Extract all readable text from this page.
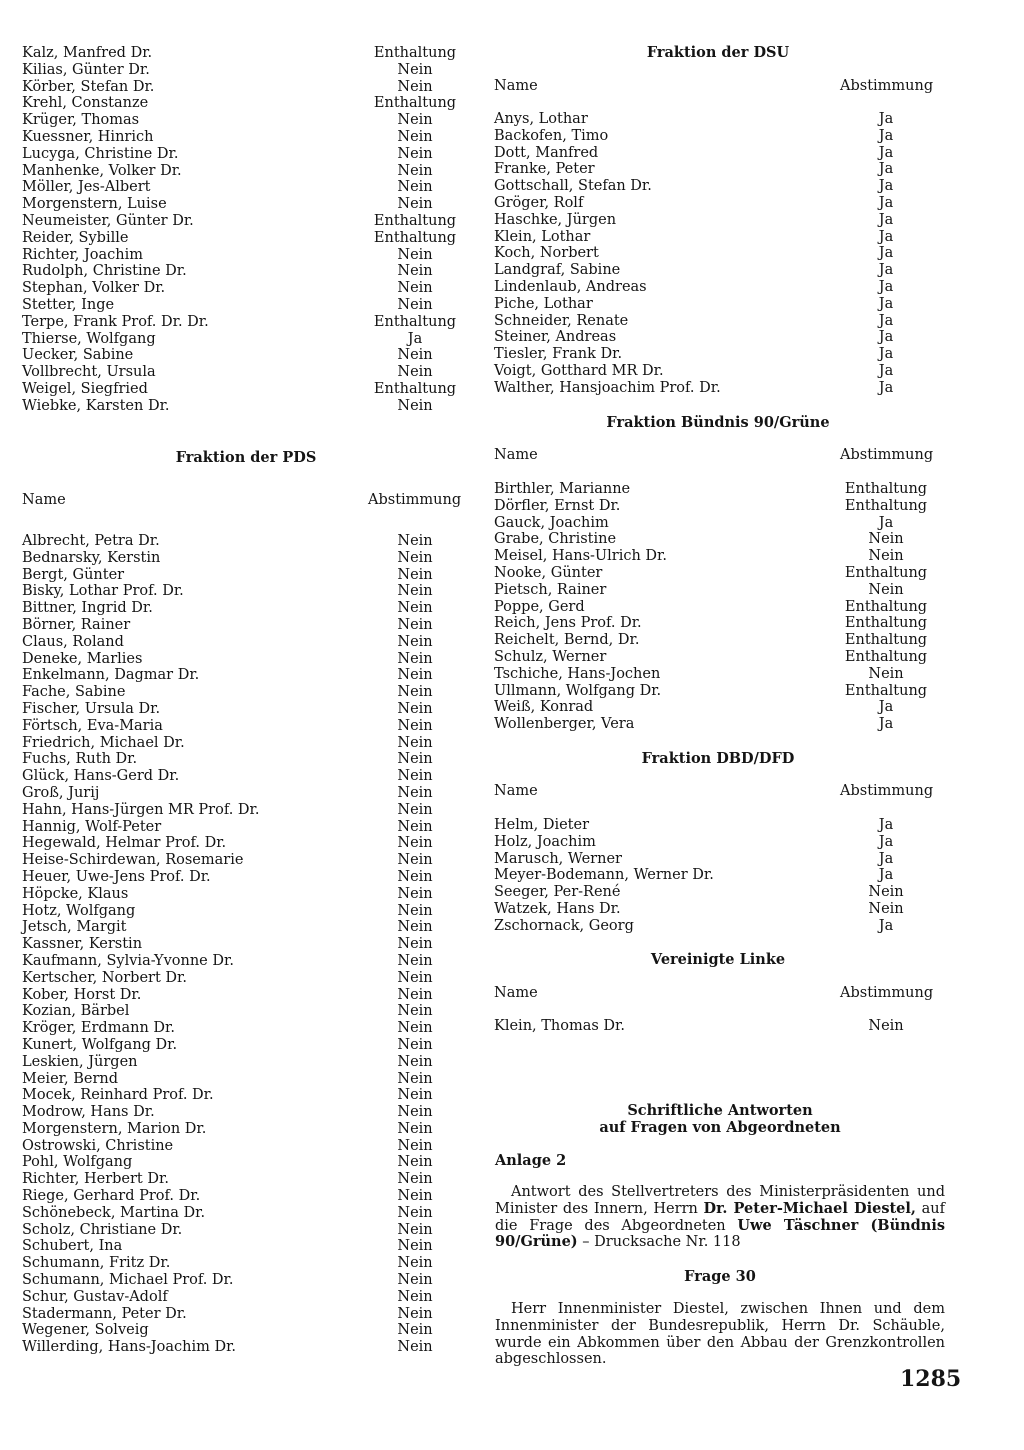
Kalz, Manfred Dr.	Enthaltung
Kilias, Günter Dr.	Nein
Körber, Stefan Dr.	Nein
Krehl, Constanze	Enthaltung
Krüger, Thomas	Nein
Kuessner, Hinrich	Nein
Lucyga, Christine Dr.	Nein
Manhenke, Volker Dr.	Nein
Möller, Jes-Albert	Nein
Morgenstern, Luise	Nein
Neumeister, Günter Dr.	Enthaltung
Reider, Sybille	Enthaltung
Richter, Joachim	Nein
Rudolph, Christine Dr.	Nein
Stephan, Volker Dr.	Nein
Stetter, Inge	Nein
Terpe, Frank Prof. Dr. Dr.	Enthaltung
Thierse, Wolfgang	Ja
Uecker, Sabine	Nein
Vollbrecht, Ursula	Nein
Weigel, Siegfried	Enthaltung
Wiebke, Karsten Dr.	Nein
Fraktion der PDS
Name	Abstimmung
Albrecht, Petra Dr.	Nein
Bednarsky, Kerstin	Nein
Bergt, Günter	Nein
Bisky, Lothar Prof. Dr.	Nein
Bittner, Ingrid Dr.	Nein
Börner, Rainer	Nein
Claus, Roland	Nein
Deneke, Marlies	Nein
Enkelmann, Dagmar Dr.	Nein
Fache, Sabine	Nein
Fischer, Ursula Dr.	Nein
Förtsch, Eva-Maria	Nein
Friedrich, Michael Dr.	Nein
Fuchs, Ruth Dr.	Nein
Glück, Hans-Gerd Dr.	Nein
Groß, Jurij	Nein
Hahn, Hans-Jürgen MR Prof. Dr.	Nein
Hannig, Wolf-Peter	Nein
Hegewald, Helmar Prof. Dr.	Nein
Heise-Schirdewan, Rosemarie	Nein
Heuer, Uwe-Jens Prof. Dr.	Nein
Höpcke, Klaus	Nein
Hotz, Wolfgang	Nein
Jetsch, Margit	Nein
Kassner, Kerstin	Nein
Kaufmann, Sylvia-Yvonne Dr.	Nein
Kertscher, Norbert Dr.	Nein
Kober, Horst Dr.	Nein
Kozian, Bärbel	Nein
Kröger, Erdmann Dr.	Nein
Kunert, Wolfgang Dr.	Nein
Leskien, Jürgen	Nein
Meier, Bernd	Nein
Mocek, Reinhard Prof. Dr.	Nein
Modrow, Hans Dr.	Nein
Morgenstern, Marion Dr.	Nein
Ostrowski, Christine	Nein
Pohl, Wolfgang	Nein
Richter, Herbert Dr.	Nein
Riege, Gerhard Prof. Dr.	Nein
Schönebeck, Martina Dr.	Nein
Scholz, Christiane Dr.	Nein
Schubert, Ina	Nein
Schumann, Fritz Dr.	Nein
Schumann, Michael Prof. Dr.	Nein
Schur, Gustav-Adolf	Nein
Stadermann, Peter Dr.	Nein
Wegener, Solveig	Nein
Willerding, Hans-Joachim Dr.	Nein
Fraktion der DSU
Name	Abstimmung
Anys, Lothar	Ja
Backofen, Timo	Ja
Dott, Manfred	Ja
Franke, Peter	Ja
Gottschall, Stefan Dr.	Ja
Gröger, Rolf	Ja
Haschke, Jürgen	Ja
Klein, Lothar	Ja
Koch, Norbert	Ja
Landgraf, Sabine	Ja
Lindenlaub, Andreas	Ja
Piche, Lothar	Ja
Schneider, Renate	Ja
Steiner, Andreas	Ja
Tiesler, Frank Dr.	Ja
Voigt, Gotthard MR Dr.	Ja
Walther, Hansjoachim Prof. Dr.	Ja
Fraktion Bündnis 90/Grüne
Name	Abstimmung
Birthler, Marianne	Enthaltung
Dörfler, Ernst Dr.	Enthaltung
Gauck, Joachim	Ja
Grabe, Christine	Nein
Meisel, Hans-Ulrich Dr.	Nein
Nooke, Günter	Enthaltung
Pietsch, Rainer	Nein
Poppe, Gerd	Enthaltung
Reich, Jens Prof. Dr.	Enthaltung
Reichelt, Bernd, Dr.	Enthaltung
Schulz, Werner	Enthaltung
Tschiche, Hans-Jochen	Nein
Ullmann, Wolfgang Dr.	Enthaltung
Weiß, Konrad	Ja
Wollenberger, Vera	Ja
Fraktion DBD/DFD
Name	Abstimmung
Helm, Dieter	Ja
Holz, Joachim	Ja
Marusch, Werner	Ja
Meyer-Bodemann, Werner Dr.	Ja
Seeger, Per-René	Nein
Watzek, Hans Dr.	Nein
Zschornack, Georg	Ja
Vereinigte Linke
Name	Abstimmung
Klein, Thomas Dr.	Nein
Schriftliche Antworten
auf Fragen von Abgeordneten
Anlage 2
Antwort des Stellvertreters des Ministerpräsidenten und Minister des Innern, Herrn Dr. Peter-Michael Diestel, auf die Frage des Abgeordneten Uwe Täschner (Bündnis 90/Grüne) – Drucksache Nr. 118
Frage 30
Herr Innenminister Diestel, zwischen Ihnen und dem Innenminister der Bundesrepublik, Herrn Dr. Schäuble, wurde ein Abkommen über den Abbau der Grenzkontrollen abgeschlossen.
1285
